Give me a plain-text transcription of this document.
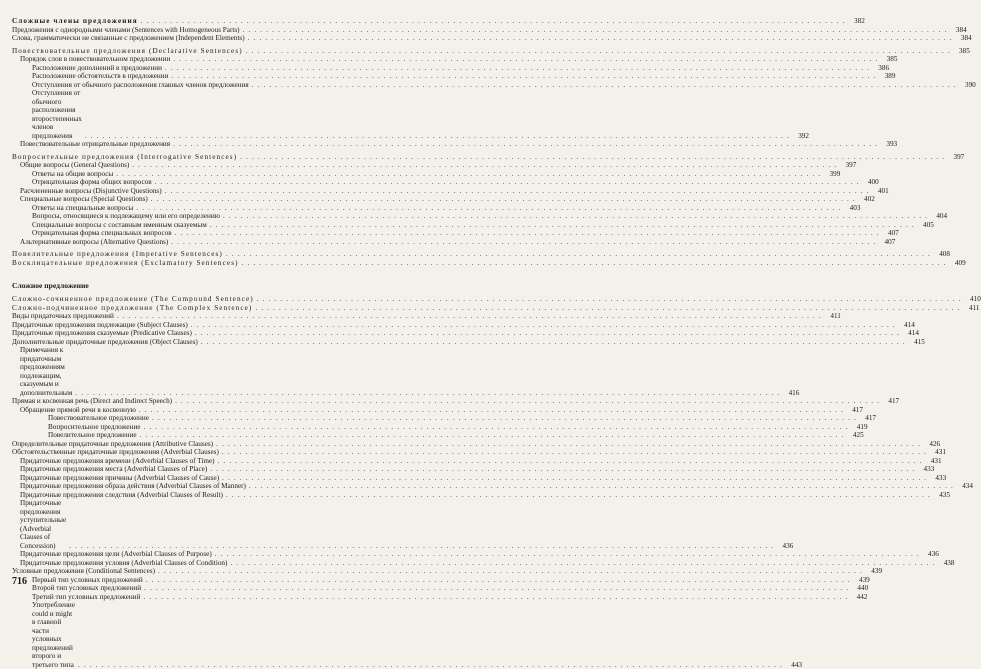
Сложные члены предложения . . .	382
Предложения с однородными членами (Sentences with Homogeneous Parts) . . .	384
Слова, грамматически не связанные с предложением (Independent Elements) . . .	384
Повествовательные предложения (Declarative Sentences) . . .	385
Порядок слов в повествовательном предложении . . .	385
Расположение дополнений в предложении . . .	386
Расположение обстоятельств в предложении . . .	389
Отступления от обычного расположения главных членов предложения . . .	390
Отступления от обычного расположения второстепенных членов предложения . . .	392
Повествовательные отрицательные предложения . . .	393
Вопросительные предложения (Interrogative Sentences) . . .	397
Общие вопросы (General Questions) . . .	397
Ответы на общие вопросы . . .	399
Отрицательная форма общих вопросов . . .	400
Расчлененные вопросы (Disjunctive Questions) . . .	401
Специальные вопросы (Special Questions) . . .	402
Ответы на специальные вопросы . . .	403
Вопросы, относящиеся к подлежащему или его определению . . .	404
Специальные вопросы с составным именным сказуемым . . .	405
Отрицательная форма специальных вопросов . . .	407
Альтернативные вопросы (Alternative Questions) . . .	407
Повелительные предложения (Imperative Sentences) . . .	408
Восклицательные предложения (Exclamatory Sentences) . . .	409
Сложное предложение
Сложно-сочиненное предложение (The Compound Sentence) . . .	410
Сложно-подчиненное предложение (The Complex Sentence) . . .	411
Виды придаточных предложений . . .	411
Придаточные предложения подлежащие (Subject Clauses) . . .	414
Придаточные предложения сказуемые (Predicative Clauses) . . .	414
Дополнительные придаточные предложения (Object Clauses) . . .	415
Примечания к придаточным предложениям подлежащим, сказуемым и дополнительным . . .	416
Прямая и косвенная речь (Direct and Indirect Speech) . . .	417
Обращение прямой речи в косвенную . . .	417
Повествовательное предложение . . .	417
Вопросительное предложение . . .	419
Повелительное предложение . . .	425
Определительные придаточные предложения (Attributive Clauses) . . .	426
Обстоятельственные придаточные предложения (Adverbial Clauses) . . .	431
Придаточные предложения времени (Adverbial Clauses of Time) . . .	431
Придаточные предложения места (Adverbial Clauses of Place) . . .	433
Придаточные предложения причины (Adverbial Clauses of Cause) . . .	433
Придаточные предложения образа действия (Adverbial Clauses of Manner) . . .	434
Придаточные предложения следствия (Adverbial Clauses of Result) . . .	435
Придаточные предложения уступительные (Adverbial Clauses of Concession) . . .	436
Придаточные предложения цели (Adverbial Clauses of Purpose) . . .	436
Придаточные предложения условия (Adverbial Clauses of Condition) . . .	438
Условные предложения (Conditional Sentences) . . .	439
Первый тип условных предложений . . .	439
Второй тип условных предложений . . .	440
Третий тип условных предложений . . .	442
Употребление could и might в главной части условных предложений второго и третьего типа . . .	443
716
